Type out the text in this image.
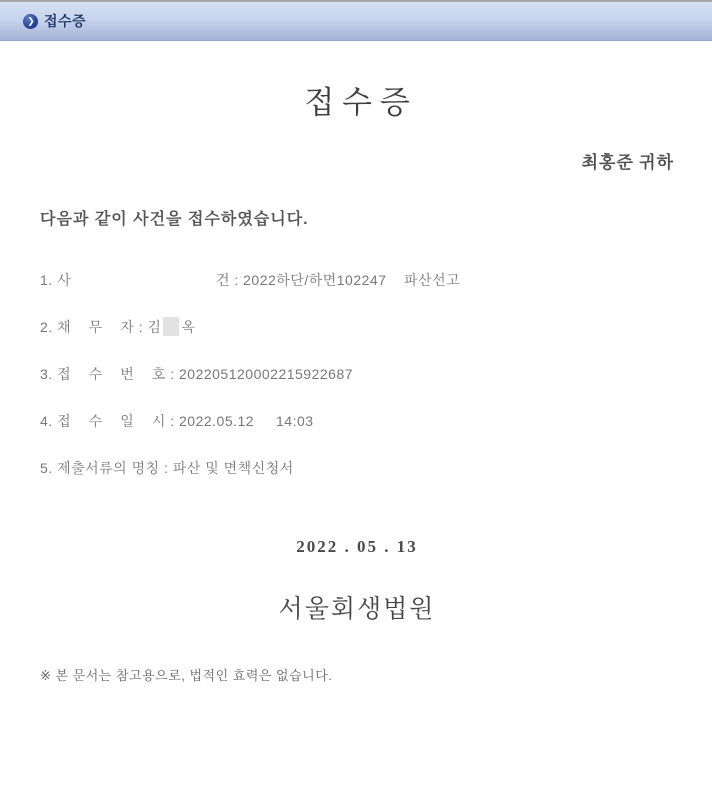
❯ 접수증
접 수 증
최홍준 귀하
다음과 같이 사건을 접수하였습니다.
1. 사                                 건 : 2022하단/하면102247    파산선고
2. 채    무    자 : 김 옥
3. 접    수    번    호 : 202205120002215922687
4. 접    수    일    시 : 2022.05.12     14:03
5. 제출서류의 명칭 : 파산 및 면책신청서
2022 . 05 . 13
서울회생법원
※ 본 문서는 참고용으로, 법적인 효력은 없습니다.
